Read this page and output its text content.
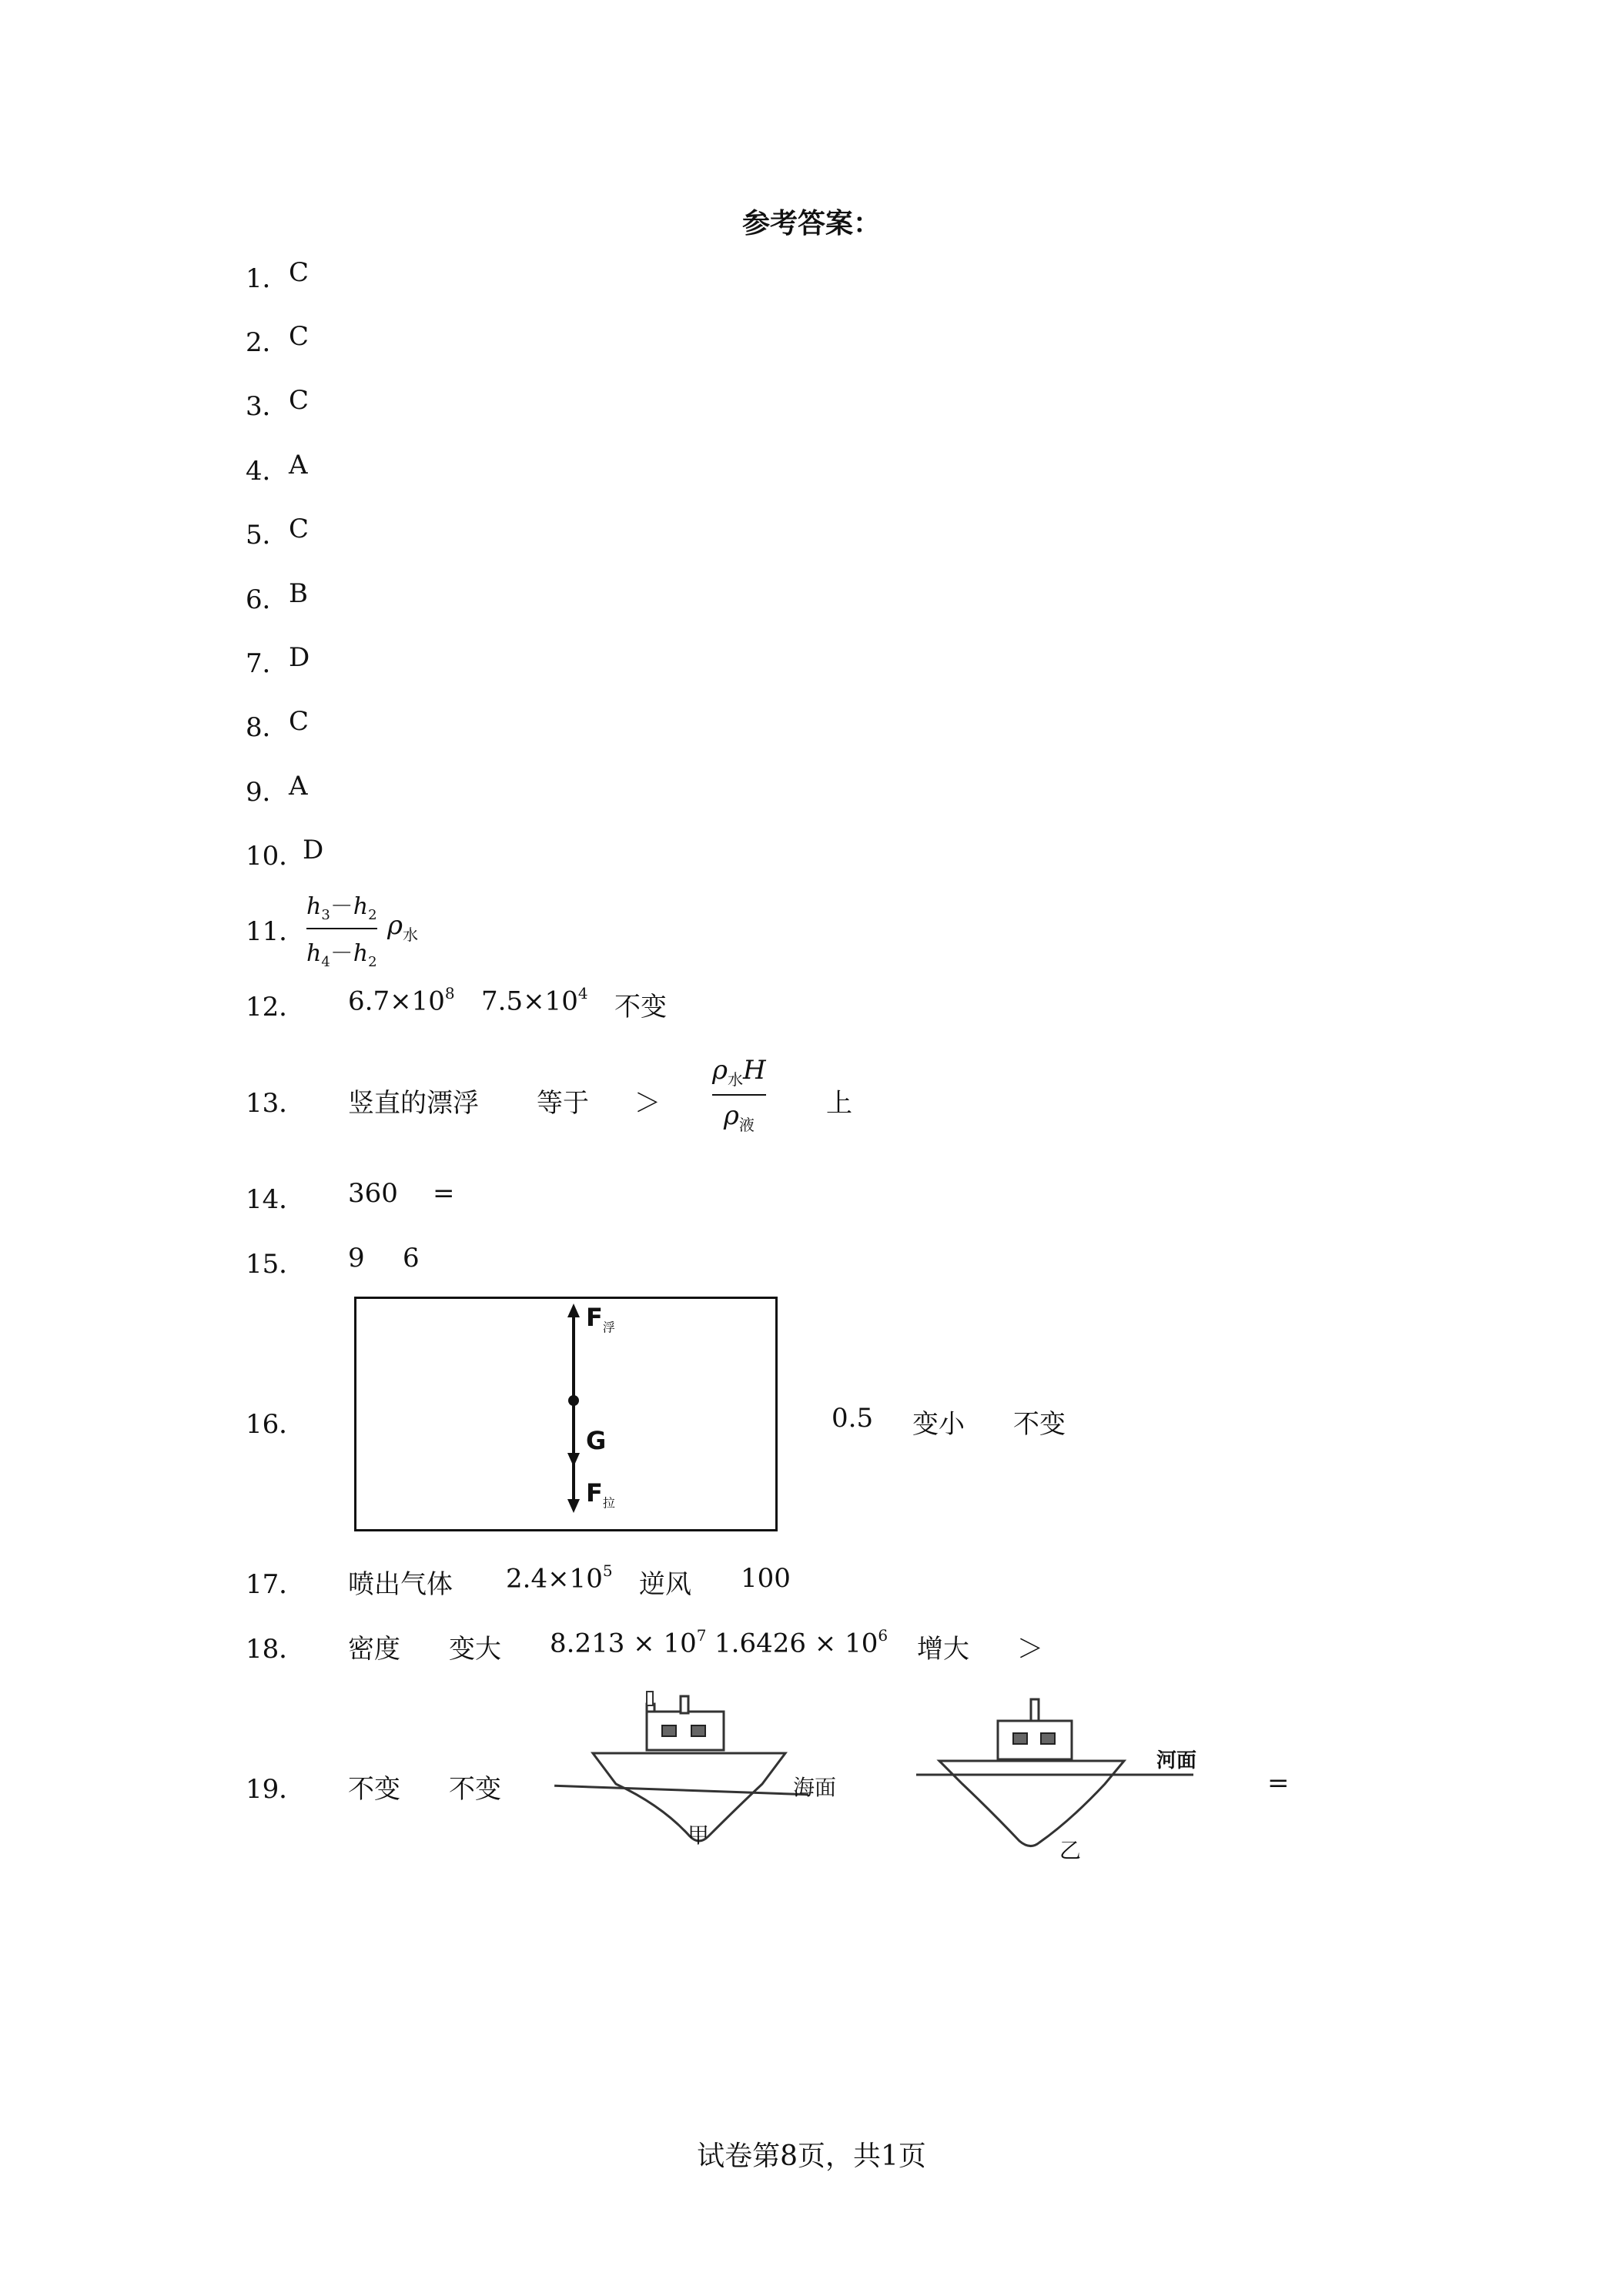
参考答案：
1． C
2． C
3． C
4． A
5． C
6． B
7． D
8． C
9． A
10．
D
11．
$h_3-h_2$
$h_4-h_2$
$\rho_水$
12． $6.7\times 10^8$ $7.5\times 10^4$ 不变
13． 竖直的漂浮 等于 ＞
$\rho_水H$
$\rho_液$
上
14． 360 =
15． 9 6
16．
$F_浮$
G
$F_拉$
0.5 变小 不变
17． 喷出气体 $2.4\times 10^5$ 逆风 100
18． 密度 变大 $8.213 \times 10^7$ $1.6426 \times 10^6$ 增大 ＞
19． 不变 不变	海面
甲
河面
乙
=
试卷第8页，共1页
